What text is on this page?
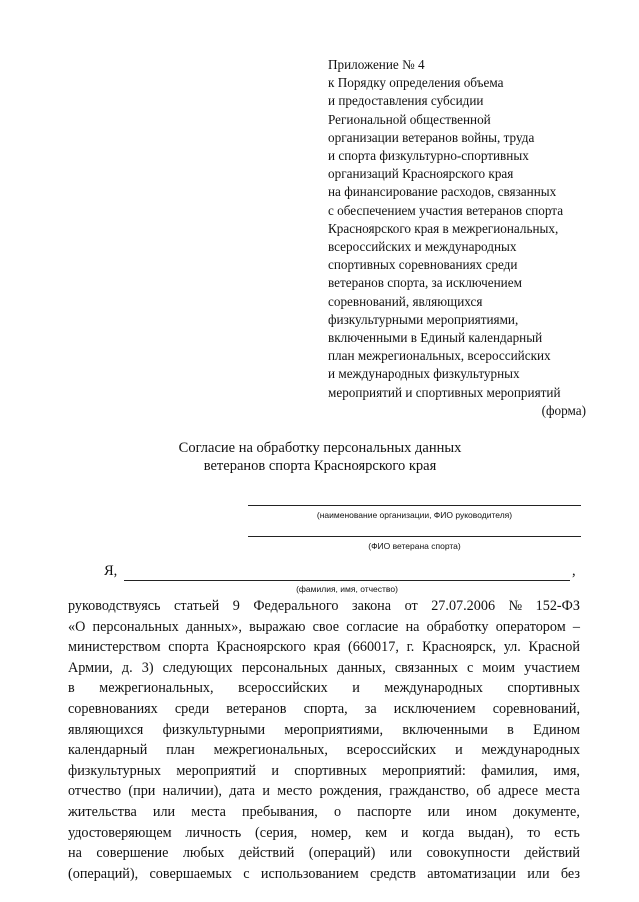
Приложение № 4
к Порядку определения объема
и предоставления субсидии
Региональной общественной
организации ветеранов войны, труда
и спорта физкультурно-спортивных
организаций Красноярского края
на финансирование расходов, связанных
с обеспечением участия ветеранов спорта
Красноярского края в межрегиональных,
всероссийских и международных
спортивных соревнованиях среди
ветеранов спорта, за исключением
соревнований, являющихся
физкультурными мероприятиями,
включенными в Единый календарный
план межрегиональных, всероссийских
и международных физкультурных
мероприятий и спортивных мероприятий
(форма)
Согласие на обработку персональных данных
ветеранов спорта Красноярского края
(наименование организации, ФИО руководителя)
(ФИО ветерана спорта)
Я,	,
(фамилия, имя, отчество)
руководствуясь статьей 9 Федерального закона от 27.07.2006 № 152-ФЗ
«О персональных данных», выражаю свое согласие на обработку оператором –
министерством спорта Красноярского края (660017, г. Красноярск, ул. Красной
Армии, д. 3) следующих персональных данных, связанных с моим участием
в межрегиональных, всероссийских и международных спортивных
соревнованиях среди ветеранов спорта, за исключением соревнований,
являющихся физкультурными мероприятиями, включенными в Едином
календарный план межрегиональных, всероссийских и международных
физкультурных мероприятий и спортивных мероприятий: фамилия, имя,
отчество (при наличии), дата и место рождения, гражданство, об адресе места
жительства или места пребывания, о паспорте или ином документе,
удостоверяющем личность (серия, номер, кем и когда выдан), то есть
на совершение любых действий (операций) или совокупности действий
(операций), совершаемых с использованием средств автоматизации или без
